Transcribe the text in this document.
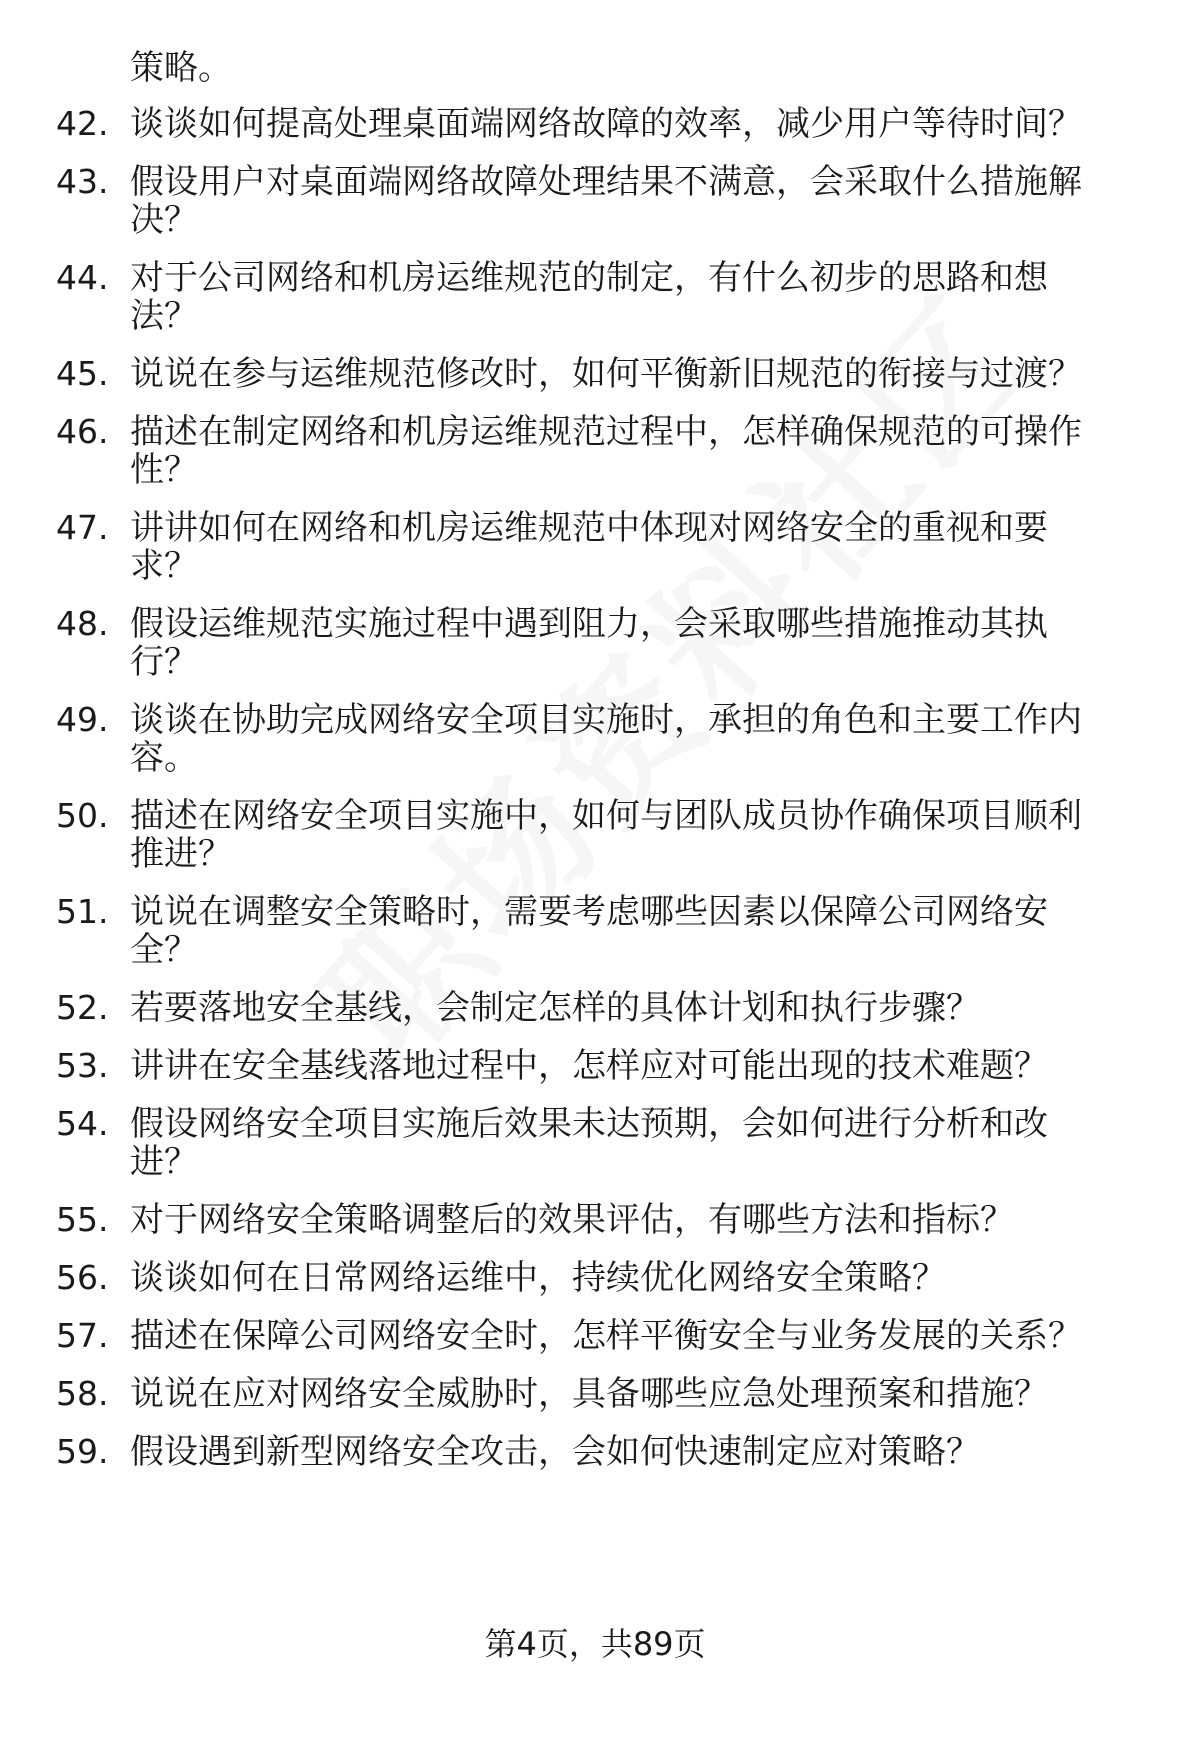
策略。
42. 谈谈如何提高处理桌面端网络故障的效率，减少用户等待时间？
43. 假设用户对桌面端网络故障处理结果不满意，会采取什么措施解
决？
44. 对于公司网络和机房运维规范的制定，有什么初步的思路和想
法？
45. 说说在参与运维规范修改时，如何平衡新旧规范的衔接与过渡？
46. 描述在制定网络和机房运维规范过程中，怎样确保规范的可操作
性？
47. 讲讲如何在网络和机房运维规范中体现对网络安全的重视和要
求？
48. 假设运维规范实施过程中遇到阻力，会采取哪些措施推动其执
行？
49. 谈谈在协助完成网络安全项目实施时，承担的角色和主要工作内
容。
50. 描述在网络安全项目实施中，如何与团队成员协作确保项目顺利
推进？
51. 说说在调整安全策略时，需要考虑哪些因素以保障公司网络安
全？
52. 若要落地安全基线，会制定怎样的具体计划和执行步骤？
53. 讲讲在安全基线落地过程中，怎样应对可能出现的技术难题？
54. 假设网络安全项目实施后效果未达预期，会如何进行分析和改
进？
55. 对于网络安全策略调整后的效果评估，有哪些方法和指标？
56. 谈谈如何在日常网络运维中，持续优化网络安全策略？
57. 描述在保障公司网络安全时，怎样平衡安全与业务发展的关系？
58. 说说在应对网络安全威胁时，具备哪些应急处理预案和措施？
59. 假设遇到新型网络安全攻击，会如何快速制定应对策略？
第4页，共89页
